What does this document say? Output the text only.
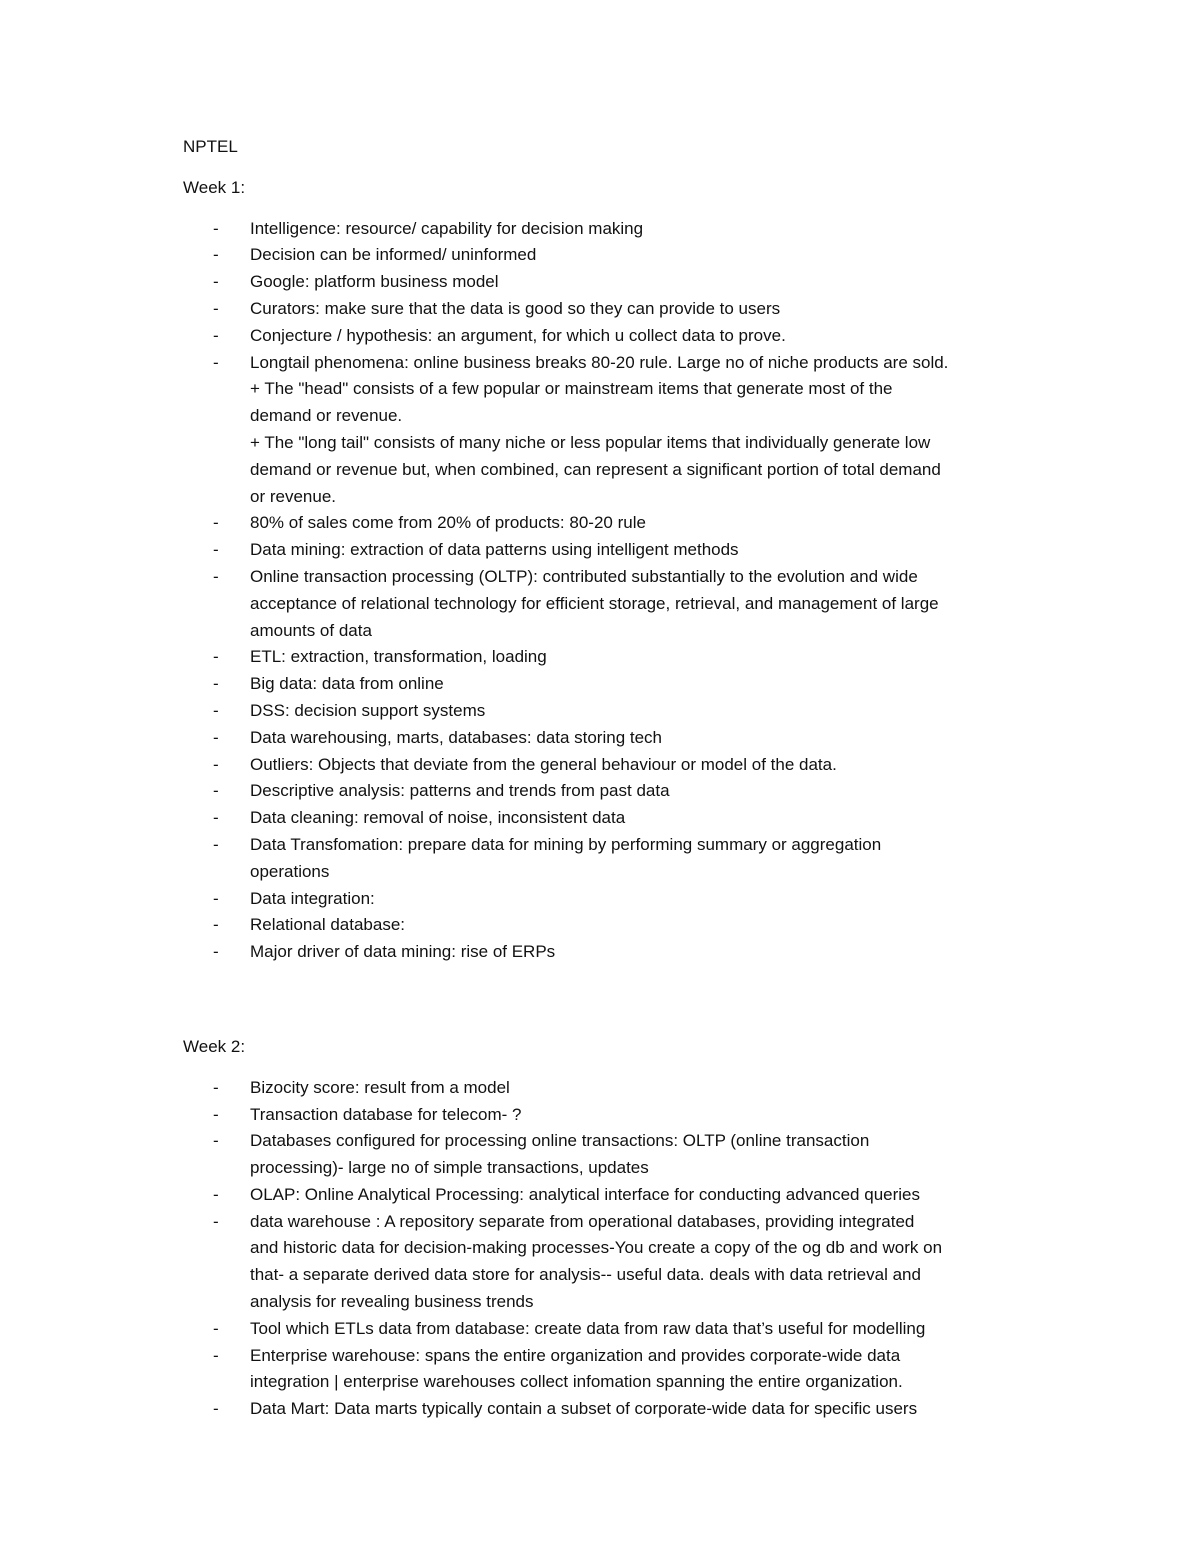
NPTEL
Week 1:
- Intelligence: resource/ capability for decision making
- Decision can be informed/ uninformed
- Google: platform business model
- Curators: make sure that the data is good so they can provide to users
- Conjecture / hypothesis: an argument, for which u collect data to prove.
- Longtail phenomena: online business breaks 80-20 rule. Large no of niche products are sold.
+ The "head" consists of a few popular or mainstream items that generate most of the
demand or revenue.
+ The "long tail" consists of many niche or less popular items that individually generate low
demand or revenue but, when combined, can represent a significant portion of total demand
or revenue.
- 80% of sales come from 20% of products: 80-20 rule
- Data mining: extraction of data patterns using intelligent methods
- Online transaction processing (OLTP): contributed substantially to the evolution and wide
acceptance of relational technology for efficient storage, retrieval, and management of large
amounts of data
- ETL: extraction, transformation, loading
- Big data: data from online
- DSS: decision support systems
- Data warehousing, marts, databases: data storing tech
- Outliers: Objects that deviate from the general behaviour or model of the data.
- Descriptive analysis: patterns and trends from past data
- Data cleaning: removal of noise, inconsistent data
- Data Transfomation: prepare data for mining by performing summary or aggregation
operations
- Data integration:
- Relational database:
- Major driver of data mining: rise of ERPs
Week 2:
- Bizocity score: result from a model
- Transaction database for telecom- ?
- Databases configured for processing online transactions: OLTP (online transaction
processing)- large no of simple transactions, updates
- OLAP: Online Analytical Processing: analytical interface for conducting advanced queries
- data warehouse : A repository separate from operational databases, providing integrated
and historic data for decision-making processes-You create a copy of the og db and work on
that- a separate derived data store for analysis-- useful data. deals with data retrieval and
analysis for revealing business trends
- Tool which ETLs data from database: create data from raw data that’s useful for modelling
- Enterprise warehouse: spans the entire organization and provides corporate-wide data
integration | enterprise warehouses collect infomation spanning the entire organization.
- Data Mart: Data marts typically contain a subset of corporate-wide data for specific users
